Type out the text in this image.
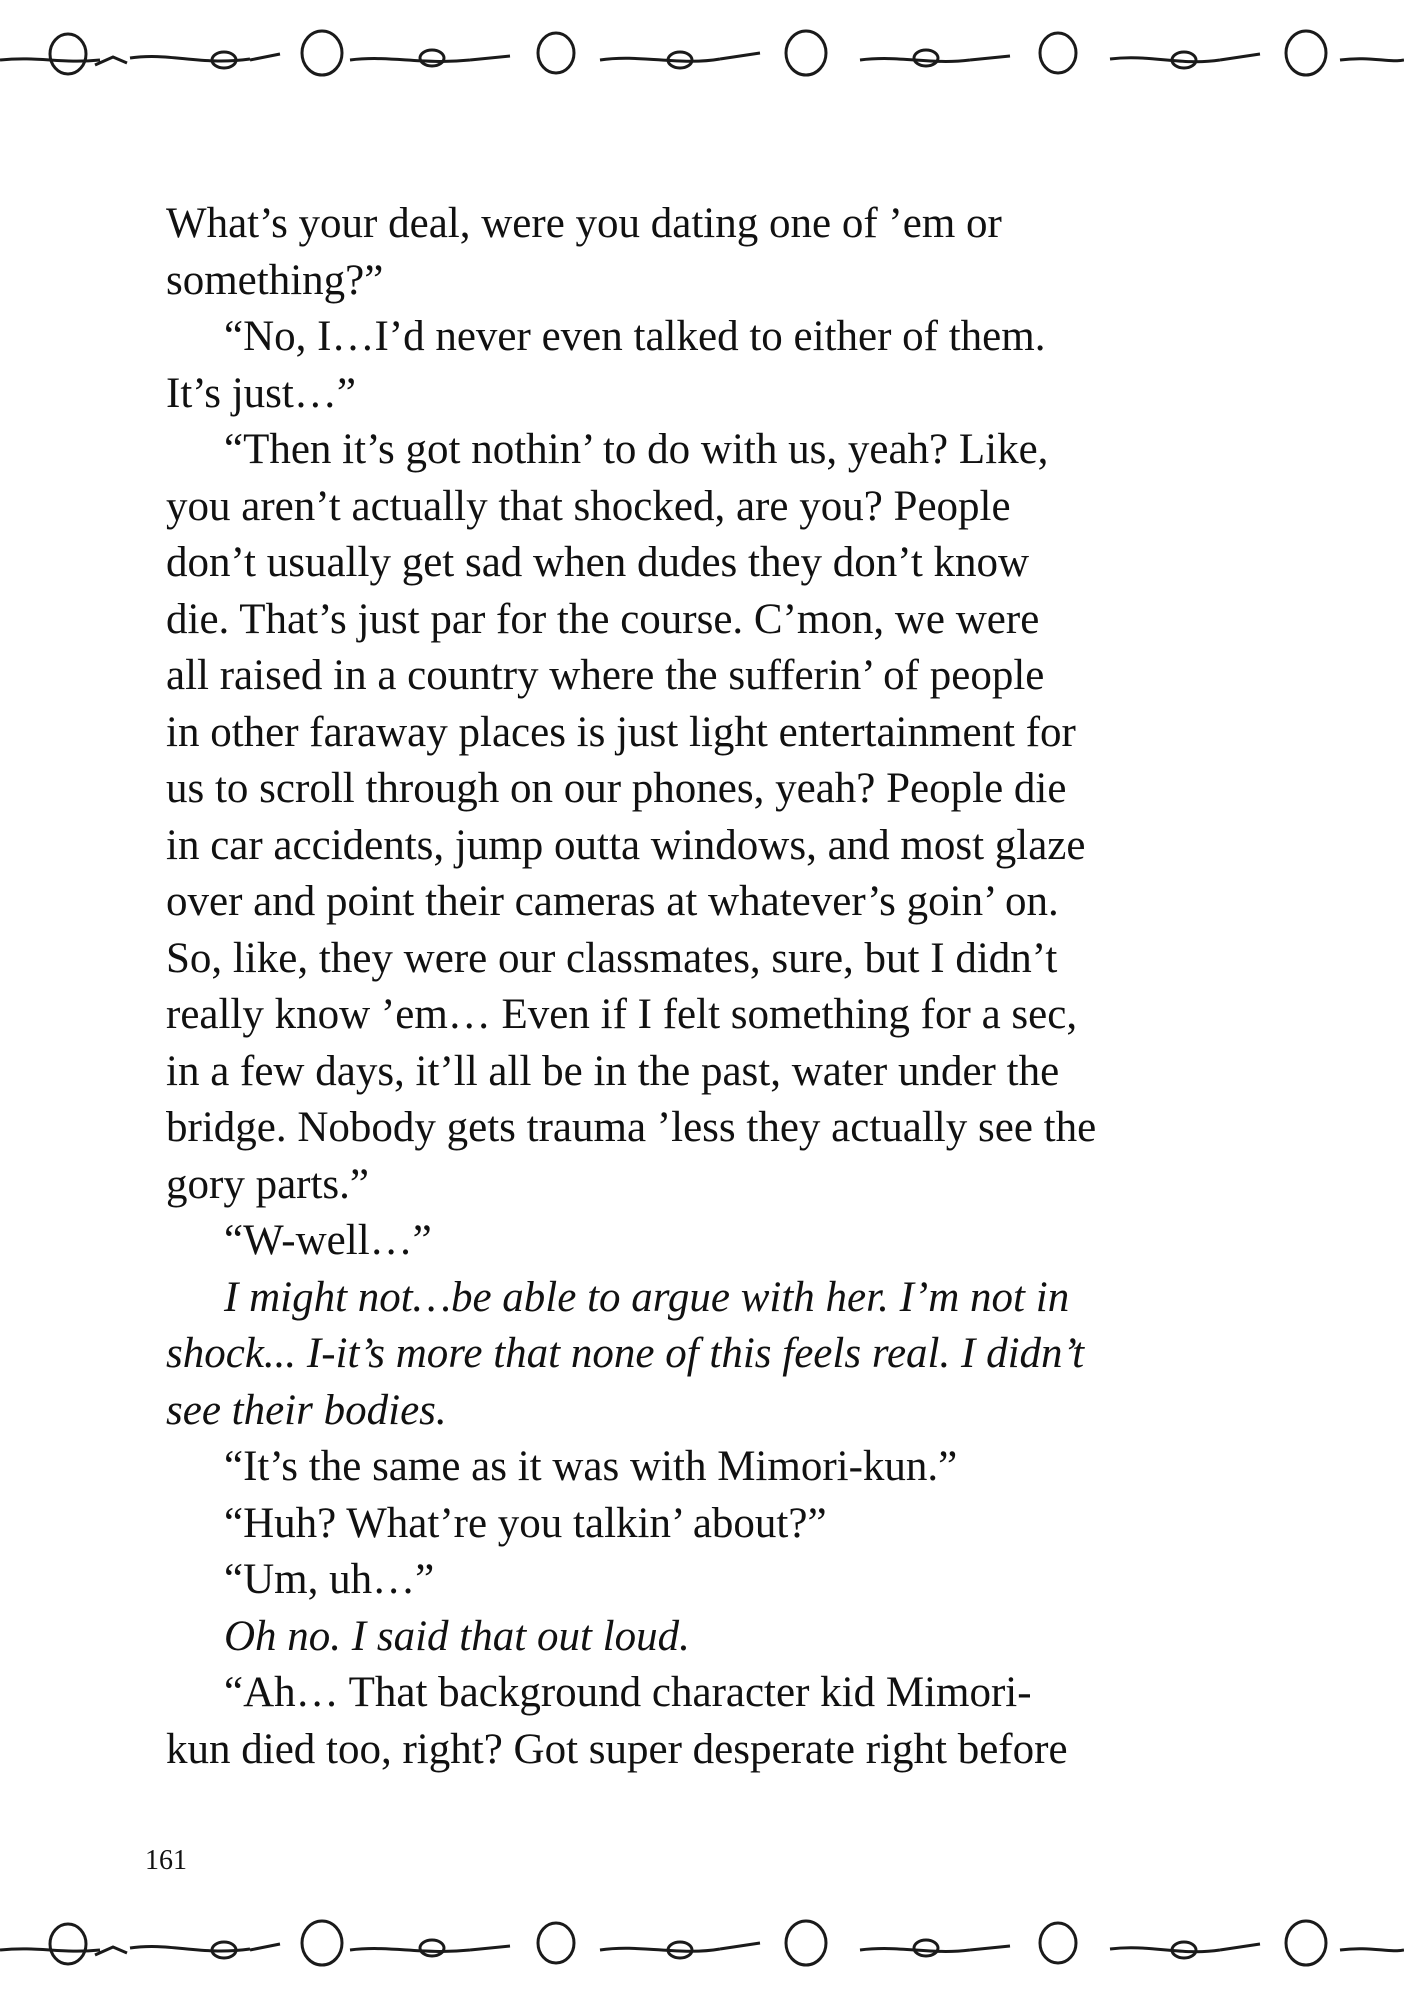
What’s your deal, were you dating one of ’em or
something?”
“No, I…I’d never even talked to either of them.
It’s just…”
“Then it’s got nothin’ to do with us, yeah? Like,
you aren’t actually that shocked, are you? People
don’t usually get sad when dudes they don’t know
die. That’s just par for the course. C’mon, we were
all raised in a country where the sufferin’ of people
in other faraway places is just light entertainment for
us to scroll through on our phones, yeah? People die
in car accidents, jump outta windows, and most glaze
over and point their cameras at whatever’s goin’ on.
So, like, they were our classmates, sure, but I didn’t
really know ’em… Even if I felt something for a sec,
in a few days, it’ll all be in the past, water under the
bridge. Nobody gets trauma ’less they actually see the
gory parts.”
“W-well…”
I might not…be able to argue with her. I’m not in
shock... I-it’s more that none of this feels real. I didn’t
see their bodies.
“It’s the same as it was with Mimori-kun.”
“Huh? What’re you talkin’ about?”
“Um, uh…”
Oh no. I said that out loud.
“Ah… That background character kid Mimori-
kun died too, right? Got super desperate right before
161
